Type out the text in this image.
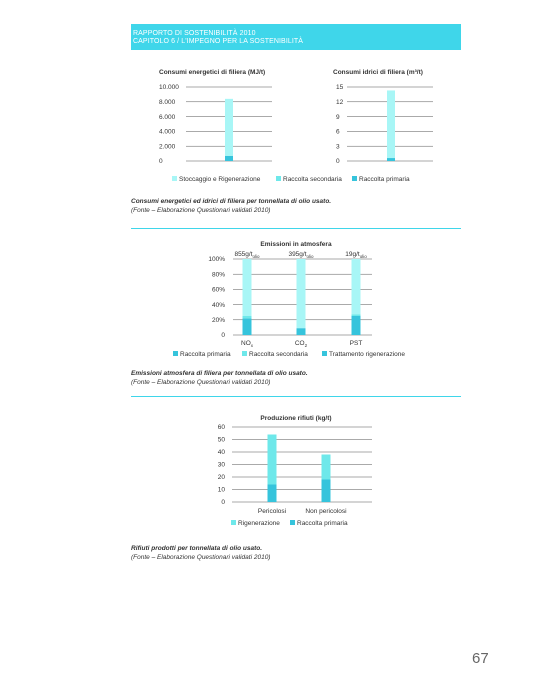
RAPPORTO DI SOSTENIBILITÀ 2010
CAPITOLO 6 / L'IMPEGNO PER LA SOSTENIBILITÀ
Consumi energetici di filiera (MJ/t)
0
2.000
4.000
6.000
8.000
10.000
Consumi idrici di filiera (m³/t)
0
3
6
9
12
15
Stoccaggio e Rigenerazione	Raccolta secondaria	Raccolta primaria
Emissioni in atmosfera
0
20%
40%
60%
80%
100%
$855g/t_{olio}$	$395g/t_{olio}$	$19g/t_{olio}$
$NO_x$	$CO_2$	PST
Raccolta primaria	Raccolta secondaria	Trattamento rigenerazione
Produzione rifiuti (kg/t)
0
10
20
30
40
50
60
Pericolosi	Non pericolosi
Rigenerazione	Raccolta primaria
Consumi energetici ed idrici di filiera per tonnellata di olio usato.
(Fonte – Elaborazione Questionari validati 2010)
Emissioni atmosfera di filiera per tonnellata di olio usato.
(Fonte – Elaborazione Questionari validati 2010)
Rifiuti prodotti per tonnellata di olio usato.
(Fonte – Elaborazione Questionari validati 2010)
67
